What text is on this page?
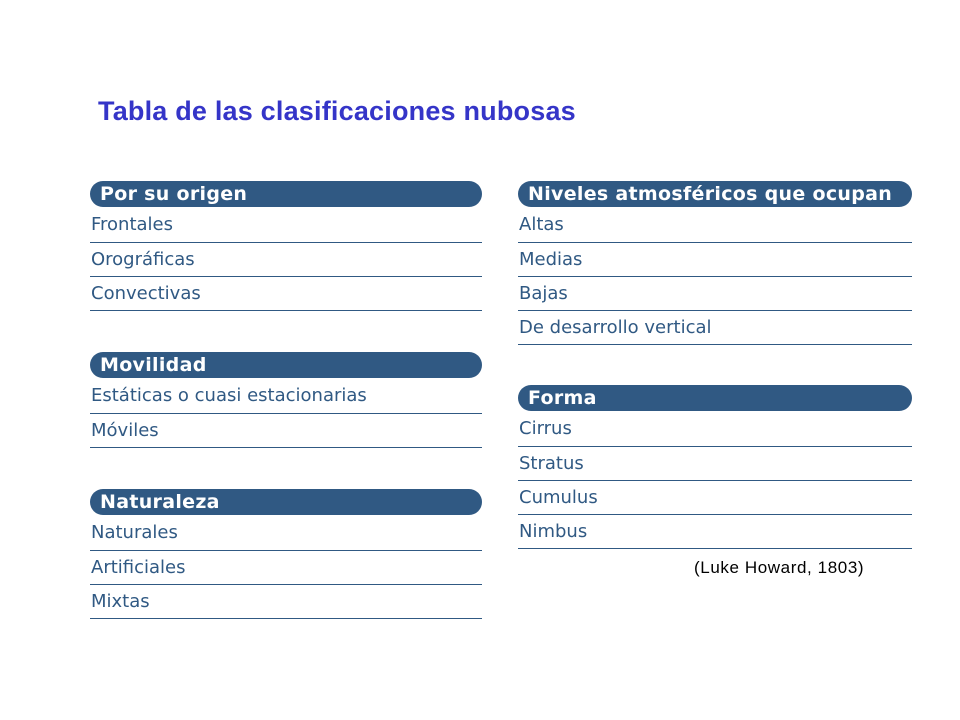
Tabla de las clasificaciones nubosas
Por su origen
Frontales
Orográficas
Convectivas
Movilidad
Estáticas o cuasi estacionarias
Móviles
Naturaleza
Naturales
Artificiales
Mixtas
Niveles atmosféricos que ocupan
Altas
Medias
Bajas
De desarrollo vertical
Forma
Cirrus
Stratus
Cumulus
Nimbus
(Luke Howard, 1803)
